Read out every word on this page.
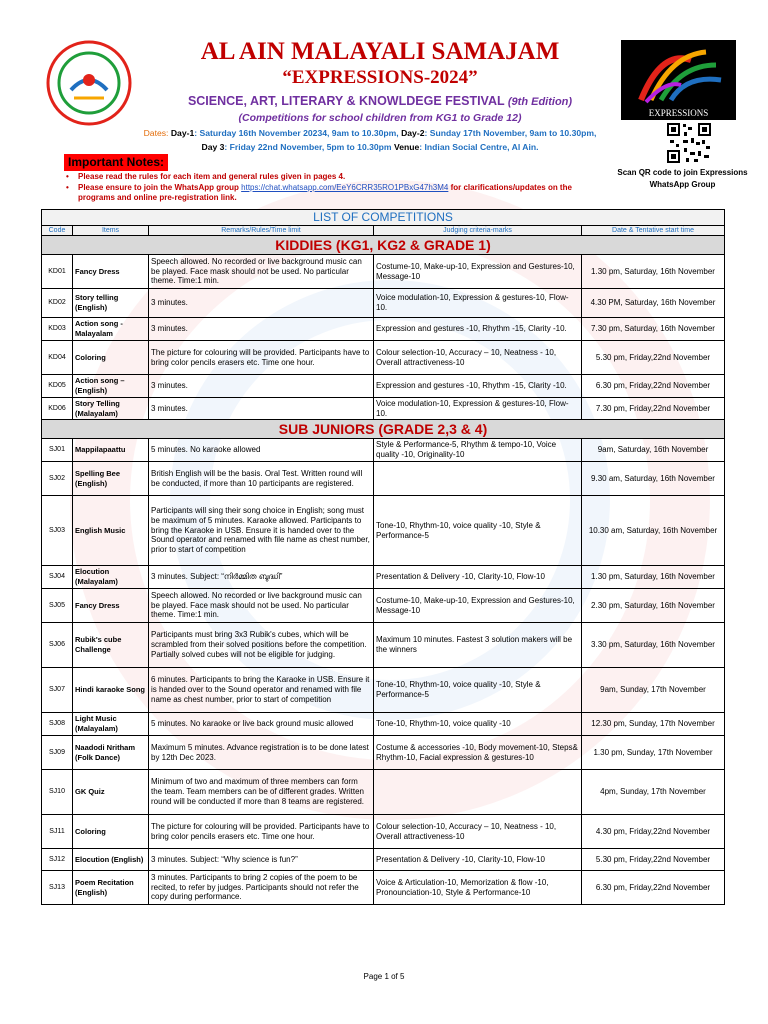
AL AIN MALAYALI SAMAJAM
“EXPRESSIONS-2024”
SCIENCE, ART, LITERARY & KNOWLDEGE FESTIVAL (9th Edition)
(Competitions for school children from KG1 to Grade 12)
Dates: Day-1: Saturday 16th November 20234, 9am to 10.30pm, Day-2: Sunday 17th November, 9am to 10.30pm,
Day 3: Friday 22nd November, 5pm to 10.30pm Venue: Indian Social Centre, Al Ain.
EXPRESSIONS
Scan QR code to join Expressions WhatsApp Group
Important Notes:
• Please read the rules for each item and general rules given in pages 4.
• Please ensure to join the WhatsApp group https://chat.whatsapp.com/EeY6CRR35RO1PBxG47h3M4 for clarifications/updates on the programs and online pre-registration link.
LIST OF COMPETITIONS				
Code	Items	Remarks/Rules/Time limit	Judging criteria-marks	Date & Tentative start time
KIDDIES (KG1, KG2 & GRADE 1)				
KD01	Fancy Dress	Speech allowed. No recorded or live background music can be played. Face mask should not be used. No particular theme. Time:1 min.	Costume-10, Make-up-10, Expression and Gestures-10, Message-10	1.30 pm, Saturday, 16th November
KD02	Story telling (English)	3 minutes.	Voice modulation-10, Expression & gestures-10, Flow-10.	4.30 PM, Saturday, 16th November
KD03	Action song - Malayalam	3 minutes.	Expression and gestures -10, Rhythm -15, Clarity -10.	7.30 pm, Saturday, 16th November
KD04	Coloring	The picture for colouring will be provided. Participants have to bring color pencils erasers etc. Time one hour.	Colour selection-10, Accuracy – 10, Neatness - 10, Overall attractiveness-10	5.30 pm, Friday,22nd November
KD05	Action song – (English)	3 minutes.	Expression and gestures -10, Rhythm -15, Clarity -10.	6.30 pm, Friday,22nd November
KD06	Story Telling (Malayalam)	3 minutes.	Voice modulation-10, Expression & gestures-10, Flow-10.	7.30 pm, Friday,22nd November
SUB JUNIORS (GRADE 2,3 & 4)				
SJ01	Mappilapaattu	5 minutes. No karaoke allowed	Style & Performance-5, Rhythm & tempo-10, Voice quality -10, Originality-10	9am, Saturday, 16th November
SJ02	Spelling Bee (English)	British English will be the basis. Oral Test. Written round will be conducted, if more than 10 participants are registered.		9.30 am, Saturday, 16th November
SJ03	English Music	Participants will sing their song choice in English; song must be maximum of 5 minutes. Karaoke allowed. Participants to bring the Karaoke in USB. Ensure it is handed over to the Sound operator and renamed with file name as chest number, prior to start of competition	Tone-10, Rhythm-10, voice quality -10, Style & Performance-5	10.30 am, Saturday, 16th November
SJ04	Elocution (Malayalam)	3 minutes. Subject: “നിർമ്മിത ബുദ്ധി”	Presentation & Delivery -10, Clarity-10, Flow-10	1.30 pm, Saturday, 16th November
SJ05	Fancy Dress	Speech allowed. No recorded or live background music can be played. Face mask should not be used. No particular theme. Time:1 min.	Costume-10, Make-up-10, Expression and Gestures-10, Message-10	2.30 pm, Saturday, 16th November
SJ06	Rubik's cube Challenge	Participants must bring 3x3 Rubik's cubes, which will be scrambled from their solved positions before the competition. Partially solved cubes will not be eligible for judging.	Maximum 10 minutes. Fastest 3 solution makers will be the winners	3.30 pm, Saturday, 16th November
SJ07	Hindi karaoke Song	6 minutes. Participants to bring the Karaoke in USB. Ensure it is handed over to the Sound operator and renamed with file name as chest number, prior to start of competition	Tone-10, Rhythm-10, voice quality -10, Style & Performance-5	9am, Sunday, 17th November
SJ08	Light Music (Malayalam)	5 minutes. No karaoke or live back ground music allowed	Tone-10, Rhythm-10, voice quality -10	12.30 pm, Sunday, 17th November
SJ09	Naadodi Nritham (Folk Dance)	Maximum 5 minutes. Advance registration is to be done latest by 12th Dec 2023.	Costume & accessories -10, Body movement-10, Steps& Rhythm-10, Facial expression & gestures-10	1.30 pm, Sunday, 17th November
SJ10	GK Quiz	Minimum of two and maximum of three members can form the team. Team members can be of different grades. Written round will be conducted if more than 8 teams are registered.		4pm, Sunday, 17th November
SJ11	Coloring	The picture for colouring will be provided. Participants have to bring color pencils erasers etc. Time one hour.	Colour selection-10, Accuracy – 10, Neatness - 10, Overall attractiveness-10	4.30 pm, Friday,22nd November
SJ12	Elocution (English)	3 minutes. Subject: “Why science is fun?”	Presentation & Delivery -10, Clarity-10, Flow-10	5.30 pm, Friday,22nd November
SJ13	Poem Recitation (English)	3 minutes. Participants to bring 2 copies of the poem to be recited, to refer by judges. Participants should not refer the copy during performance.	Voice & Articulation-10, Memorization & flow -10, Pronounciation-10, Style & Performance-10	6.30 pm, Friday,22nd November
Page 1 of 5
